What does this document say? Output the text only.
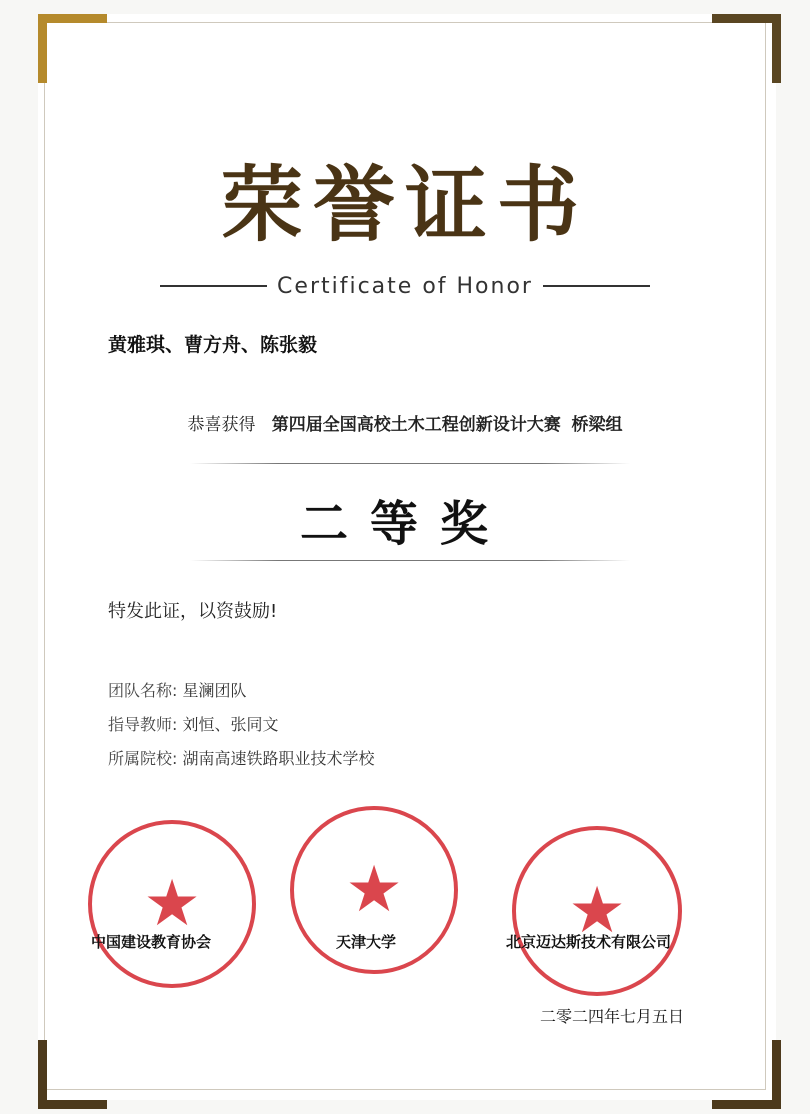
荣誉证书
Certificate of Honor
黄雅琪、曹方舟、陈张毅
恭喜获得 第四届全国高校土木工程创新设计大赛 桥梁组
二等奖
特发此证，以资鼓励!
团队名称: 星澜团队
指导教师: 刘恒、张同文
所属院校: 湖南高速铁路职业技术学校
★ ★	★
中国建设教育协会	天津大学	北京迈达斯技术有限公司
二零二四年七月五日
